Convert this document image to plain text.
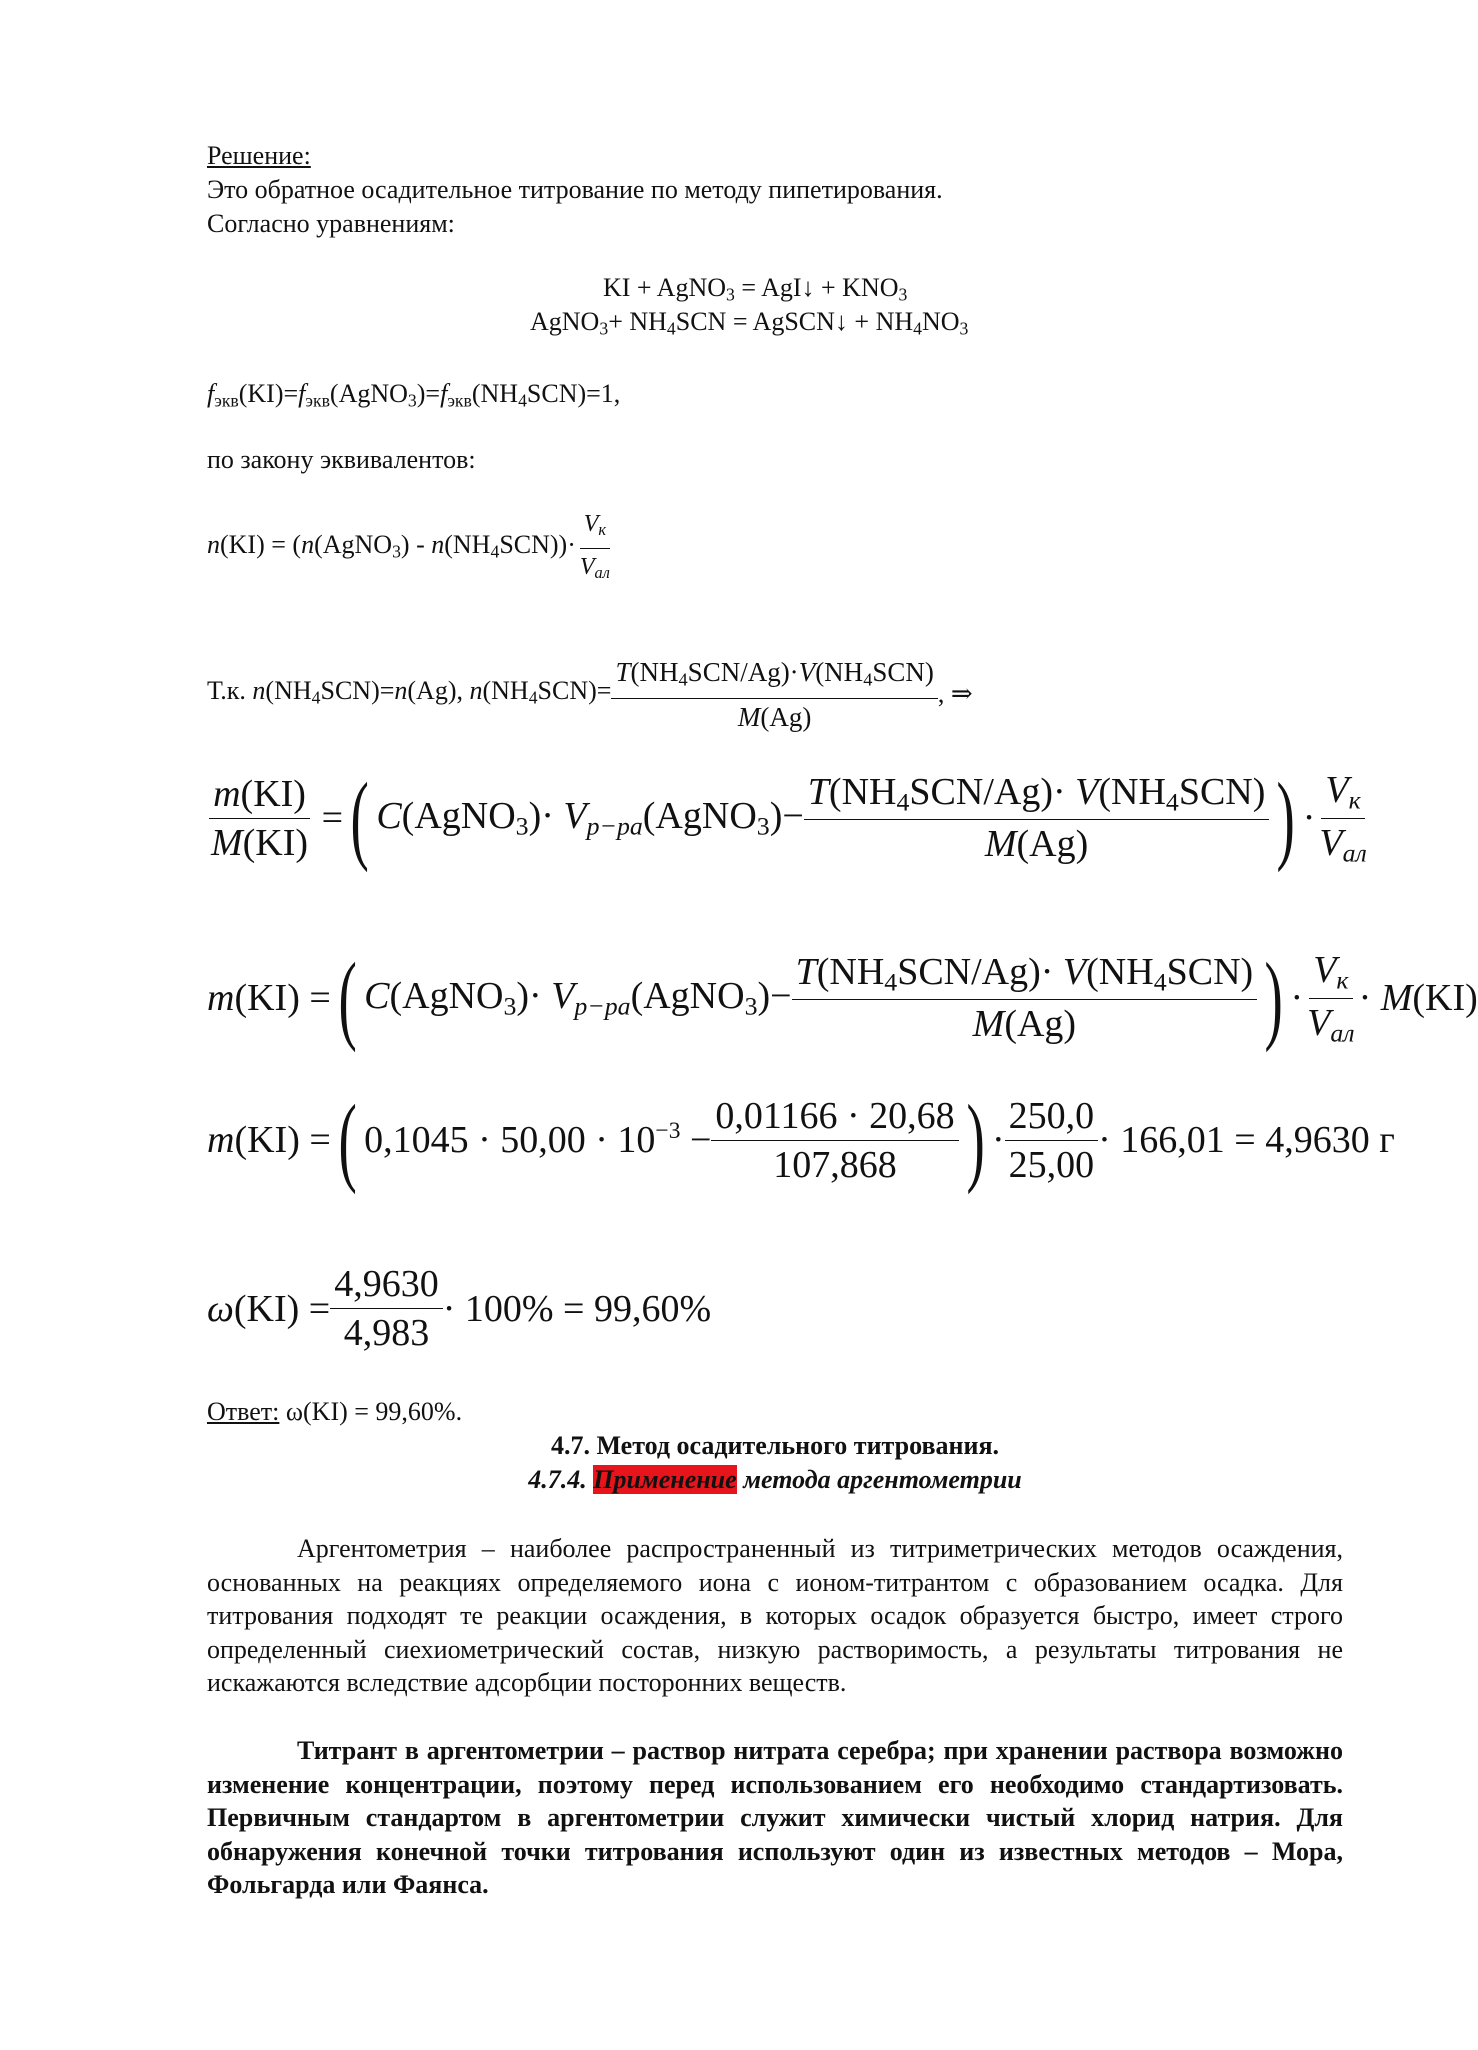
Решение:
Это обратное осадительное титрование по методу пипетирования.
Согласно уравнениям:
KI + AgNO$_3$ = AgI↓ + $KNO_3$
AgNO$_3$+ $NH_4SCN$ = AgSCN↓ + $NH_4NO_3$
$f_{экв}(KI)=f_{экв}(AgNO_3)=f_{экв}(NH_4SCN)=1$,
по закону эквивалентов:
n(KI) = (n(AgNO$_3$) - $n(NH_4SCN))\cdot \frac{V_к}{V_{ал}}$
Т.к. $n(NH_4SCN)=n(Ag)$, $n(NH_4SCN)= \frac{T(NH_4SCN/Ag)\cdot V(NH_4SCN)}{M(Ag)}$ , ⇒
$\frac{m(KI)}{M(KI)}$ = ( C(AgNO$_3$)· $V_{p-pa}(AgNO_3)- \frac{T(NH_4SCN/Ag)\cdot V(NH_4SCN)}{M(Ag)}$ ) · $\frac{V_к}{V_{ал}}$
m(KI) = ( C(AgNO$_3$)· $V_{p-pa}(AgNO_3)- \frac{T(NH_4SCN/Ag)\cdot V(NH_4SCN)}{M(Ag)}$ ) · $\frac{V_к}{V_{ал}} \cdot M(KI)$
m(KI) = ( $0,1045 \cdot 50,00 \cdot 10^{-3} - \frac{0,01166 \cdot 20,68}{107,868}$ ) · $\frac{250,0}{25,00} \cdot 166,01 = 4,9630$ г
$\omega(KI) = \frac{4,9630}{4,983} \cdot 100\% = 99,60\%$
Ответ: ω(KI) = 99,60%.
4.7. Метод осадительного титрования.
4.7.4. Применение метода аргентометрии
Аргентометрия – наиболее распространенный из титриметрических методов осаждения, основанных на реакциях определяемого иона с ионом-титрантом с образованием осадка. Для титрования подходят те реакции осаждения, в которых осадок образуется быстро, имеет строго определенный сиехиометрический состав, низкую растворимость, а результаты титрования не искажаются вследствие адсорбции посторонних веществ.
Титрант в аргентометрии – раствор нитрата серебра; при хранении раствора возможно изменение концентрации, поэтому перед использованием его необходимо стандартизовать. Первичным стандартом в аргентометрии служит химически чистый хлорид натрия. Для обнаружения конечной точки титрования используют один из известных методов – Мора, Фольгарда или Фаянса.
